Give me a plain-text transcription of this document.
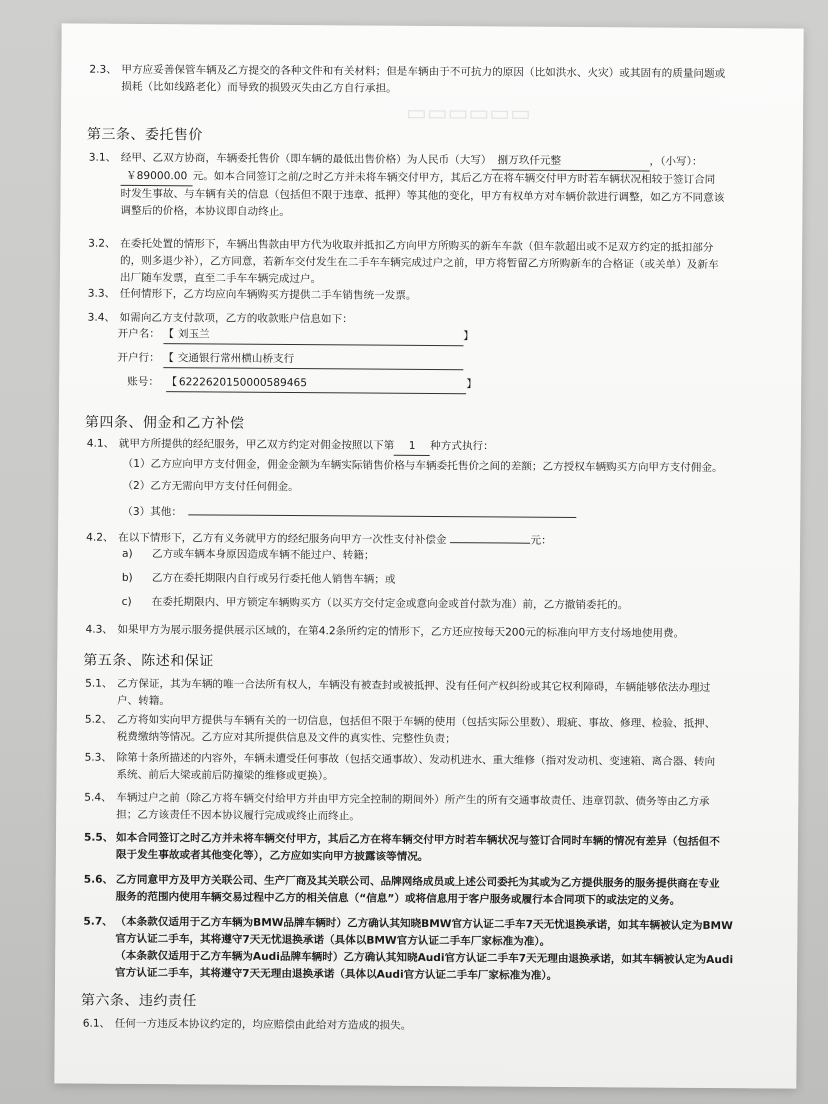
▭▭▭▭▭▭
2.3、 甲方应妥善保管车辆及乙方提交的各种文件和有关材料；但是车辆由于不可抗力的原因（比如洪水、火灾）或其固有的质量问题或
损耗（比如线路老化）而导致的损毁灭失由乙方自行承担。
第三条、委托售价
3.1、 经甲、乙双方协商，车辆委托售价（即车辆的最低出售价格）为人民币（大写） 捌万玖仟元整	，（小写）：
￥89000.00 元。如本合同签订之前/之时乙方并未将车辆交付甲方，其后乙方在将车辆交付甲方时若车辆状况相较于签订合同
时发生事故、与车辆有关的信息（包括但不限于违章、抵押）等其他的变化，甲方有权单方对车辆价款进行调整，如乙方不同意该
调整后的价格，本协议即自动终止。
3.2、 在委托处置的情形下，车辆出售款由甲方代为收取并抵扣乙方向甲方所购买的新车车款（但车款超出或不足双方约定的抵扣部分
的，则多退少补），乙方同意，若新车交付发生在二手车车辆完成过户之前，甲方将暂留乙方所购新车的合格证（或关单）及新车
出厂随车发票，直至二手车车辆完成过户。
3.3、 任何情形下，乙方均应向车辆购买方提供二手车销售统一发票。
3.4、 如需向乙方支付款项，乙方的收款账户信息如下：
开户名： 【 刘玉兰	】
开户行： 【 交通银行常州横山桥支行
账号： 【 6222620150000589465	】
第四条、佣金和乙方补偿
4.1、 就甲方所提供的经纪服务，甲乙双方约定对佣金按照以下第 1 种方式执行：
（1）乙方应向甲方支付佣金，佣金金额为车辆实际销售价格与车辆委托售价之间的差额；乙方授权车辆购买方向甲方支付佣金。
（2）乙方无需向甲方支付任何佣金。
（3）其他：
4.2、 在以下情形下，乙方有义务就甲方的经纪服务向甲方一次性支付补偿金	元：
a) 乙方或车辆本身原因造成车辆不能过户、转籍；
b) 乙方在委托期限内自行或另行委托他人销售车辆；或
c) 在委托期限内、甲方锁定车辆购买方（以买方交付定金或意向金或首付款为准）前，乙方撤销委托的。
4.3、 如果甲方为展示服务提供展示区域的，在第4.2条所约定的情形下，乙方还应按每天200元的标准向甲方支付场地使用费。
第五条、陈述和保证
5.1、 乙方保证，其为车辆的唯一合法所有权人，车辆没有被查封或被抵押、没有任何产权纠纷或其它权利障碍，车辆能够依法办理过
户、转籍。
5.2、 乙方将如实向甲方提供与车辆有关的一切信息，包括但不限于车辆的使用（包括实际公里数）、瑕疵、事故、修理、检验、抵押、
税费缴纳等情况。乙方应对其所提供信息及文件的真实性、完整性负责；
5.3、 除第十条所描述的内容外，车辆未遭受任何事故（包括交通事故）、发动机进水、重大维修（指对发动机、变速箱、离合器、转向
系统、前后大梁或前后防撞梁的维修或更换）。
5.4、 车辆过户之前（除乙方将车辆交付给甲方并由甲方完全控制的期间外）所产生的所有交通事故责任、违章罚款、债务等由乙方承
担；乙方该责任不因本协议履行完成或终止而终止。
5.5、 如本合同签订之时乙方并未将车辆交付甲方，其后乙方在将车辆交付甲方时若车辆状况与签订合同时车辆的情况有差异（包括但不
限于发生事故或者其他变化等），乙方应如实向甲方披露该等情况。
5.6、 乙方同意甲方及甲方关联公司、生产厂商及其关联公司、品牌网络成员或上述公司委托为其或为乙方提供服务的服务提供商在专业
服务的范围内使用车辆交易过程中乙方的相关信息（“信息”）或将信息用于客户服务或履行本合同项下的或法定的义务。
5.7、 （本条款仅适用于乙方车辆为BMW品牌车辆时）乙方确认其知晓BMW官方认证二手车7天无忧退换承诺，如其车辆被认定为BMW
官方认证二手车，其将遵守7天无忧退换承诺（具体以BMW官方认证二手车厂家标准为准）。
（本条款仅适用于乙方车辆为Audi品牌车辆时）乙方确认其知晓Audi官方认证二手车7天无理由退换承诺，如其车辆被认定为Audi
官方认证二手车，其将遵守7天无理由退换承诺（具体以Audi官方认证二手车厂家标准为准）。
第六条、违约责任
6.1、 任何一方违反本协议约定的，均应赔偿由此给对方造成的损失。
